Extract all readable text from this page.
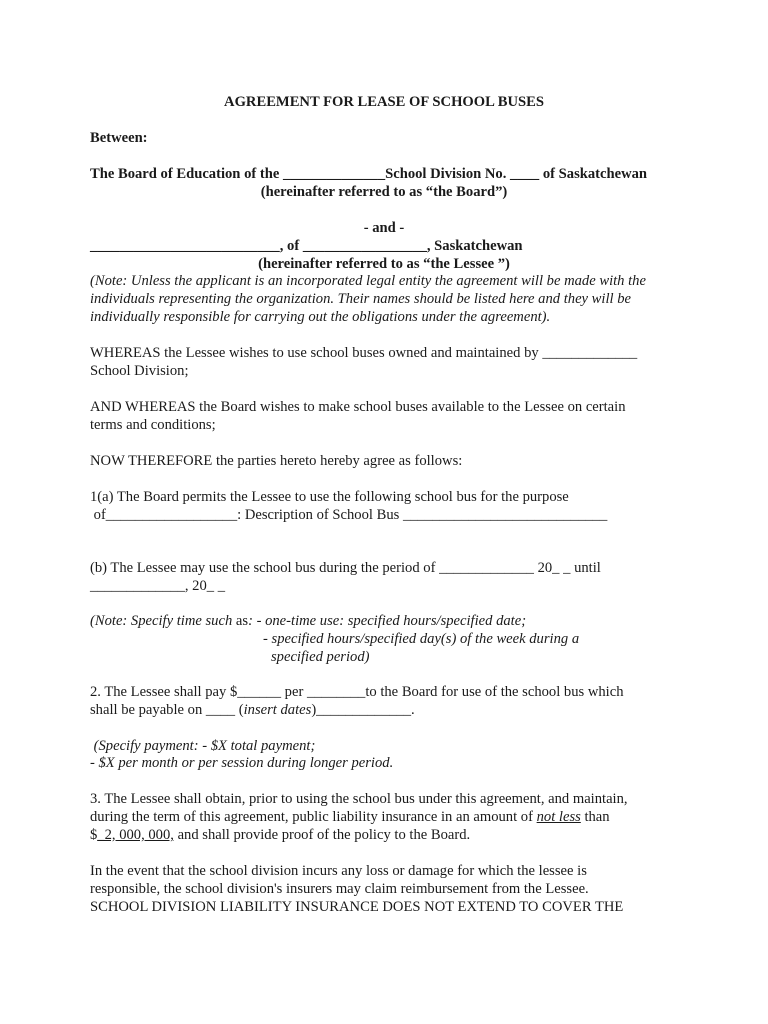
AGREEMENT FOR LEASE OF SCHOOL BUSES
Between:
The Board of Education of the ______________School Division No. ____ of Saskatchewan
(hereinafter referred to as “the Board”)
- and -
__________________________, of _________________, Saskatchewan
(hereinafter referred to as “the Lessee ”)
(Note: Unless the applicant is an incorporated legal entity the agreement will be made with the
individuals representing the organization. Their names should be listed here and they will be
individually responsible for carrying out the obligations under the agreement).
WHEREAS the Lessee wishes to use school buses owned and maintained by _____________
School Division;
AND WHEREAS the Board wishes to make school buses available to the Lessee on certain
terms and conditions;
NOW THEREFORE the parties hereto hereby agree as follows:
1(a) The Board permits the Lessee to use the following school bus for the purpose
of__________________: Description of School Bus ____________________________
(b) The Lessee may use the school bus during the period of _____________ 20_ _ until
_____________, 20_ _
(Note: Specify time such as: - one-time use: specified hours/specified date;
- specified hours/specified day(s) of the week during a
specified period)
2. The Lessee shall pay $______ per ________to the Board for use of the school bus which
shall be payable on ____ (insert dates)_____________.
(Specify payment: - $X total payment;
- $X per month or per session during longer period.
3. The Lessee shall obtain, prior to using the school bus under this agreement, and maintain,
during the term of this agreement, public liability insurance in an amount of not less than
$_2, 000, 000, and shall provide proof of the policy to the Board.
In the event that the school division incurs any loss or damage for which the lessee is
responsible, the school division's insurers may claim reimbursement from the Lessee.
SCHOOL DIVISION LIABILITY INSURANCE DOES NOT EXTEND TO COVER THE
